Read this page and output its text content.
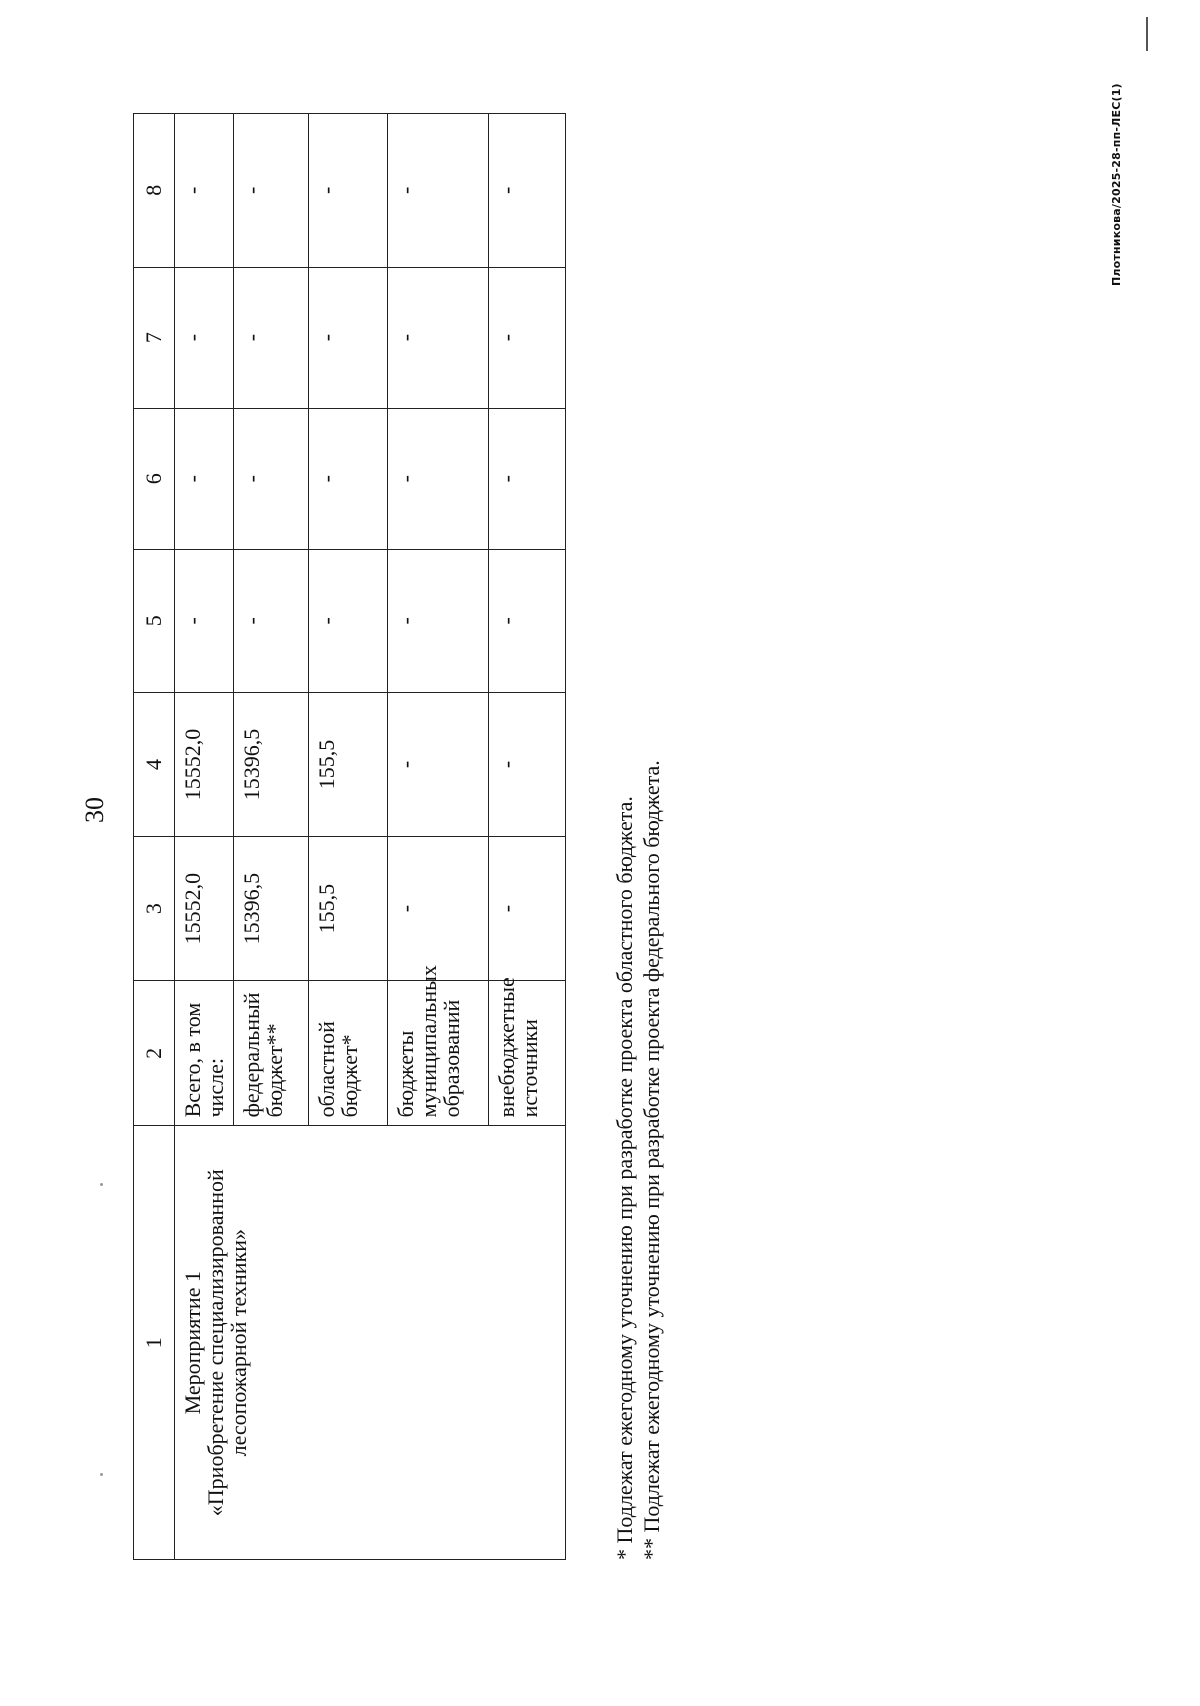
30
1	2	3	4	5	6	7	8

Мероприятие 1
«Приобретение специализированной лесопожарной техники»	Всего, в том числе:	15552,0	15552,0	-	-	-	-
	федеральный бюджет**	15396,5	15396,5	-	-	-	-
	областной бюджет*	155,5	155,5	-	-	-	-
	бюджеты муниципальных образований	-	-	-	-	-	-
	внебюджетные источники	-	-	-	-	-	-
* Подлежат ежегодному уточнению при разработке проекта областного бюджета. ** Подлежат ежегодному уточнению при разработке проекта федерального бюджета.
Плотникова/2025-28-пп-ЛЕС(1)
